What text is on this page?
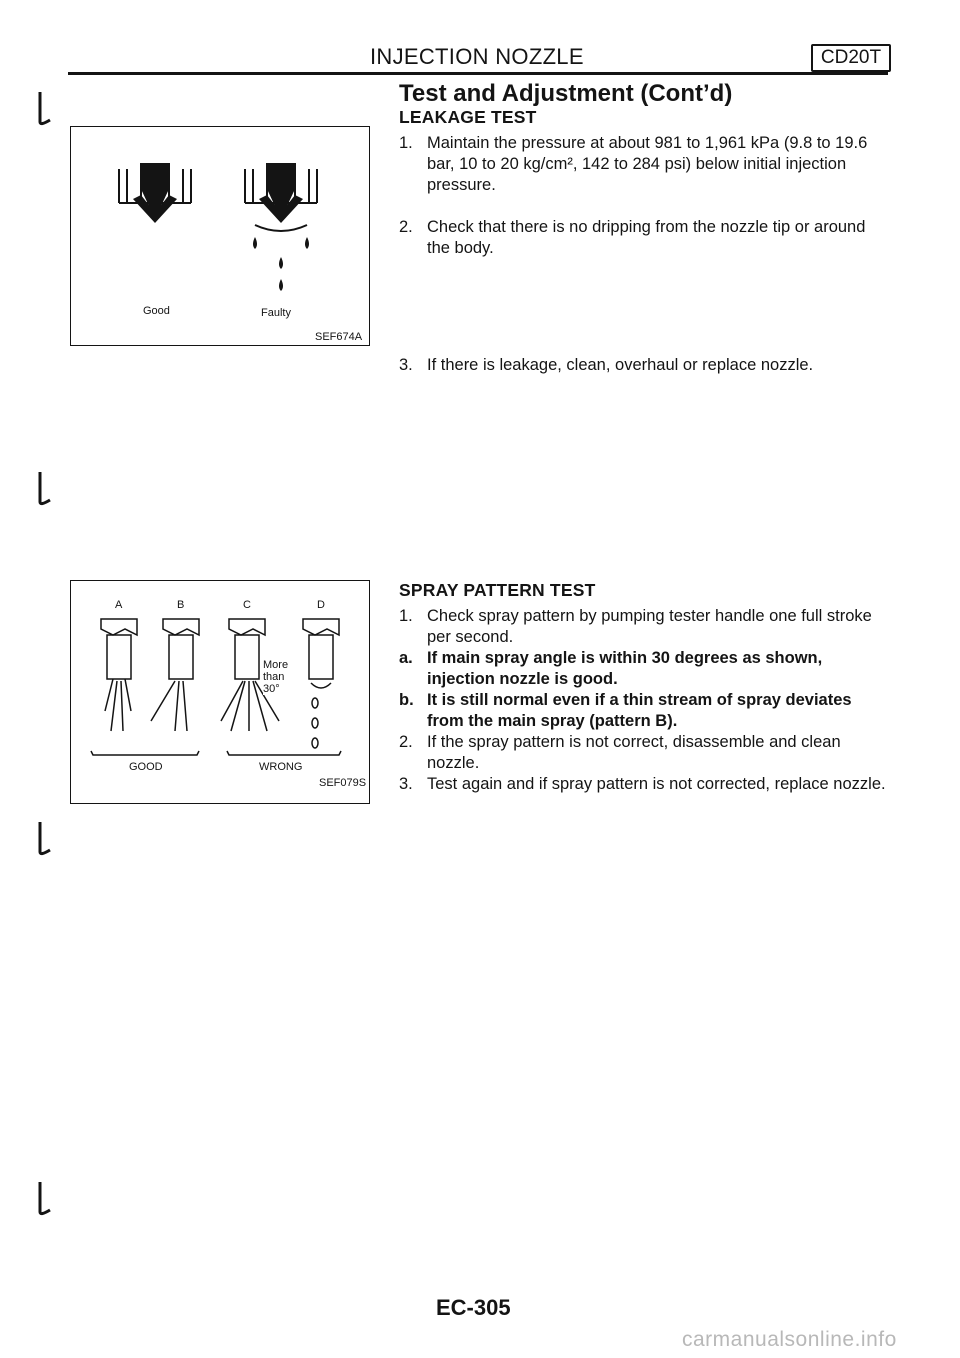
INJECTION NOZZLE	CD20T
Test and Adjustment (Cont’d)
Good	Faulty
SEF674A
LEAKAGE TEST
1. Maintain the pressure at about 981 to 1,961 kPa (9.8 to 19.6 bar, 10 to 20 kg/cm², 142 to 284 psi) below initial injection pressure.
2. Check that there is no dripping from the nozzle tip or around the body.
3. If there is leakage, clean, overhaul or replace nozzle.
A	B	C	D
More than 30°
GOOD	WRONG
SEF079S
SPRAY PATTERN TEST
1. Check spray pattern by pumping tester handle one full stroke per second.
a. If main spray angle is within 30 degrees as shown, injection nozzle is good.
b. It is still normal even if a thin stream of spray deviates from the main spray (pattern B).
2. If the spray pattern is not correct, disassemble and clean nozzle.
3. Test again and if spray pattern is not corrected, replace nozzle.
EC-305
carmanualsonline.info
